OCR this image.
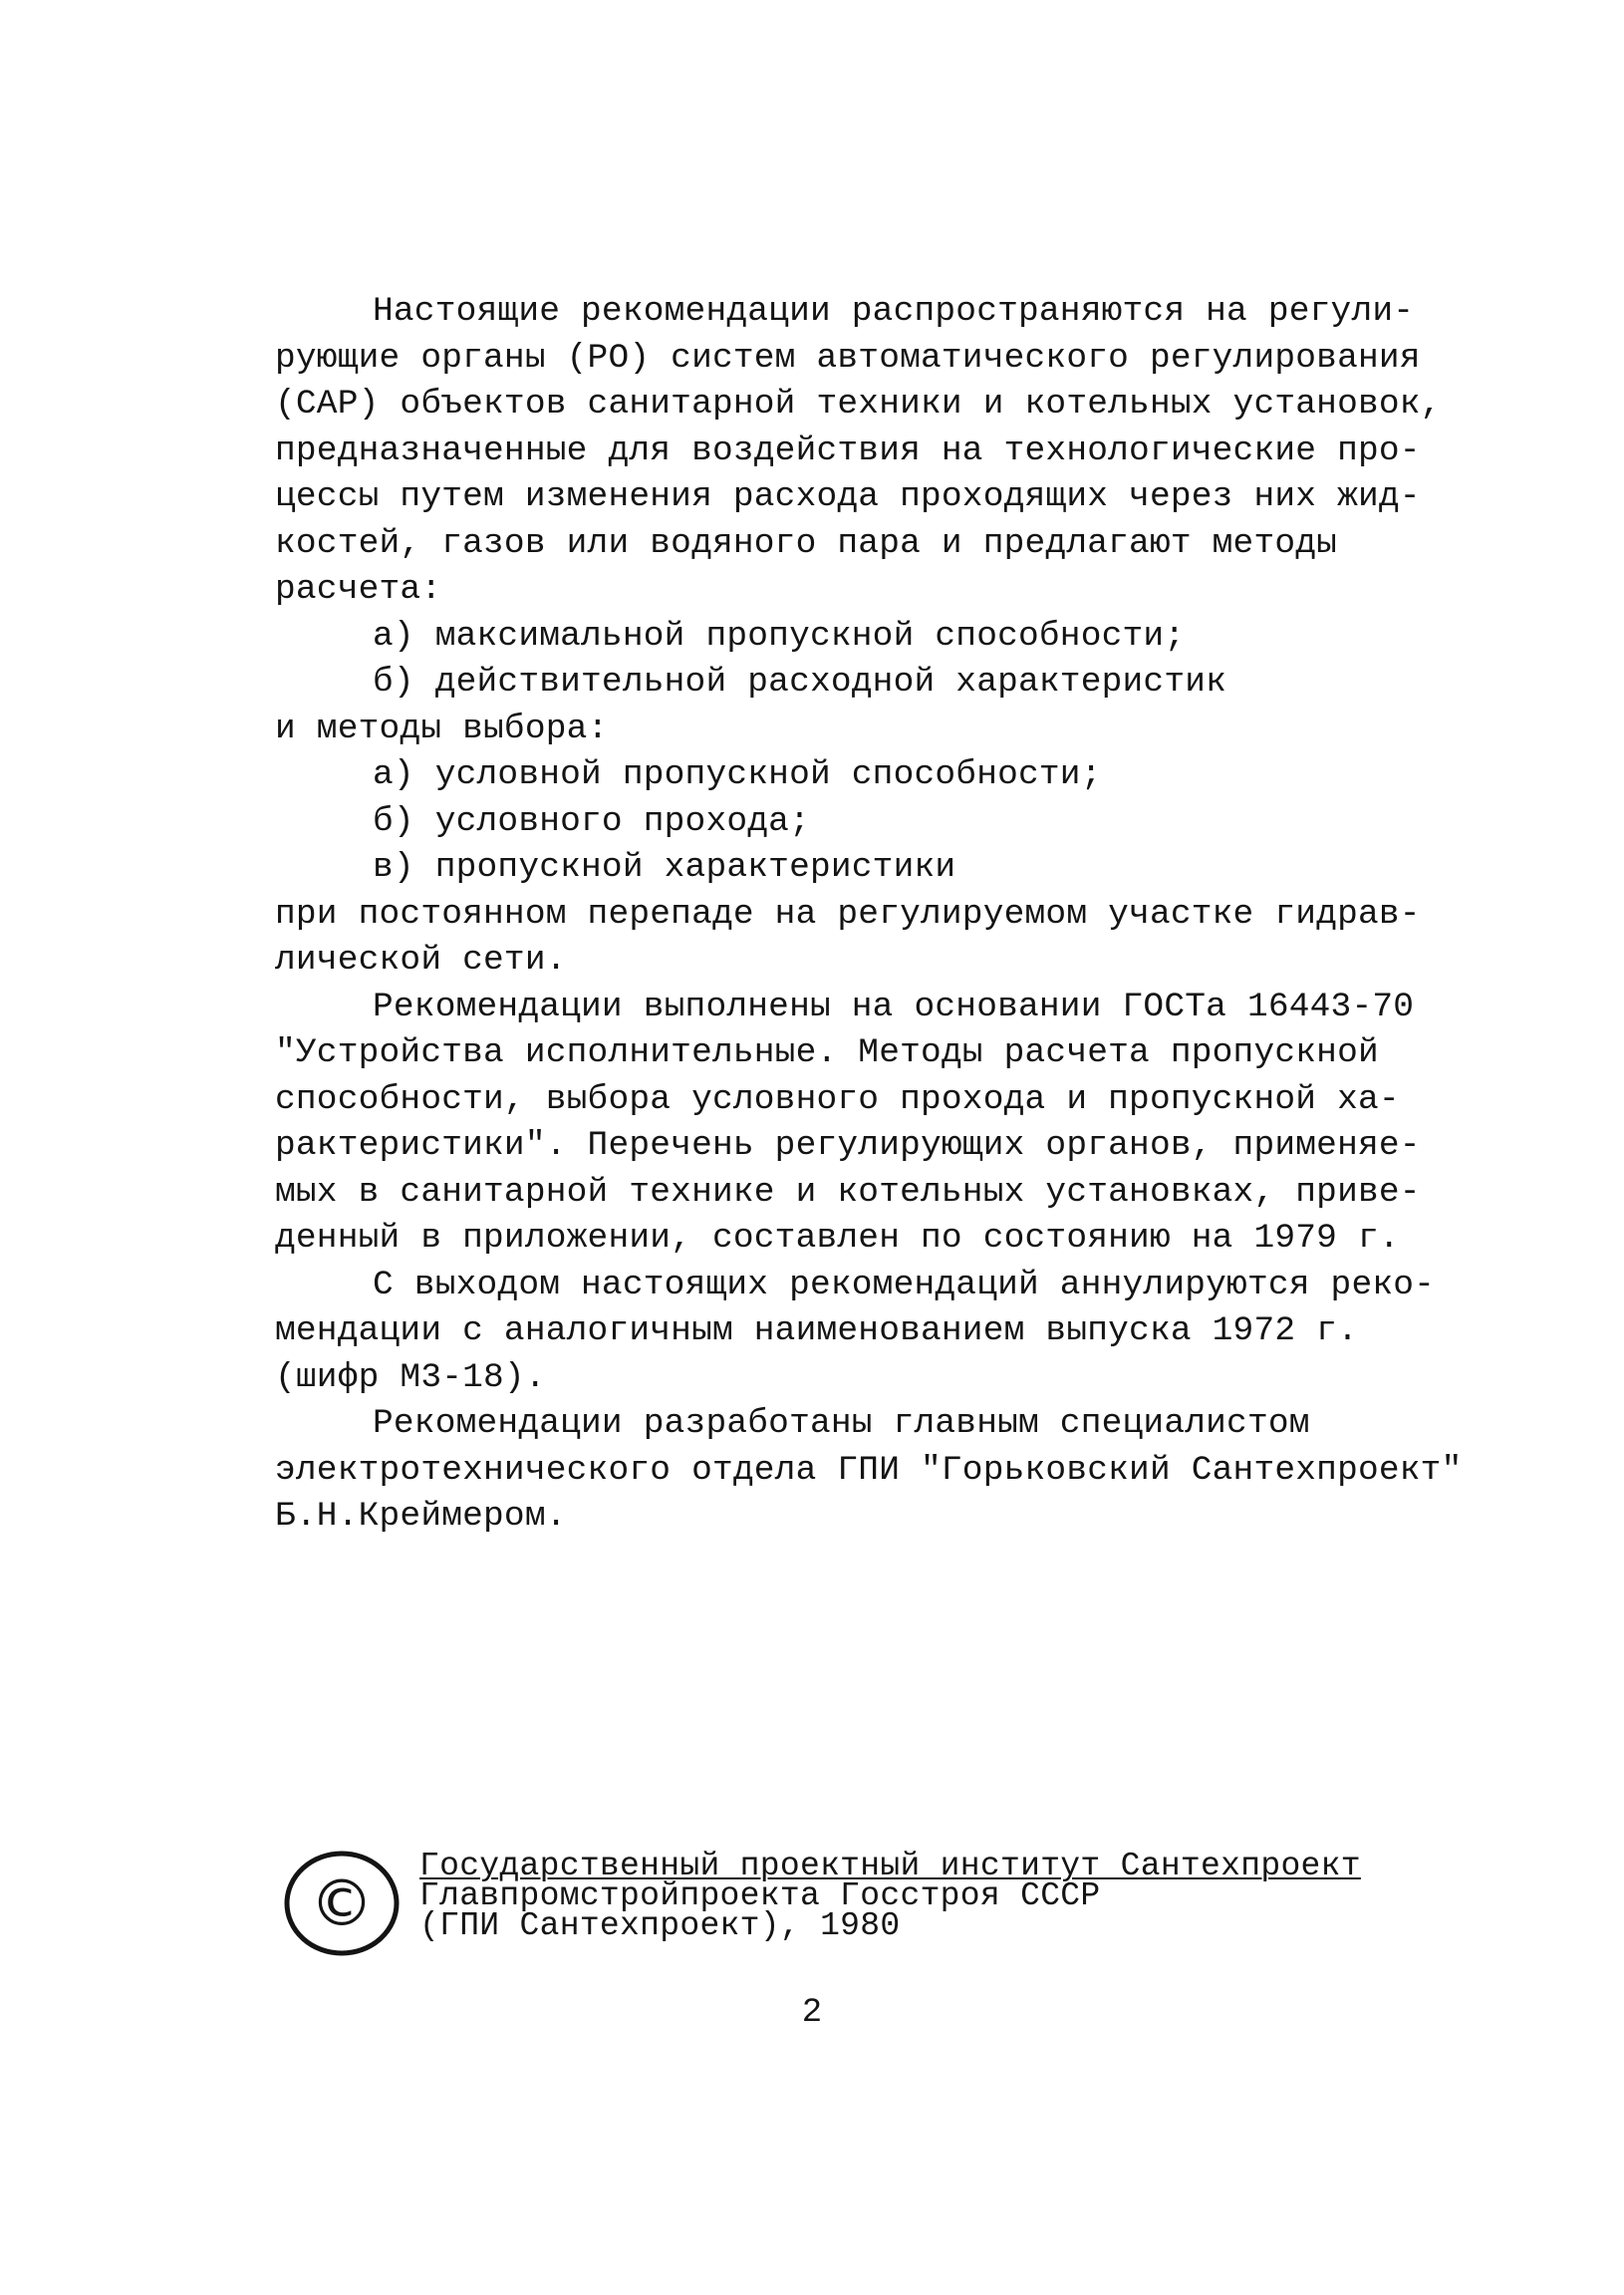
Настоящие рекомендации распространяются на регули-
рующие органы (РО) систем автоматического регулирования
(САР) объектов санитарной техники и котельных установок,
предназначенные для воздействия на технологические про-
цессы путем изменения расхода проходящих через них жид-
костей, газов или водяного пара и предлагают методы
расчета:
а) максимальной пропускной способности;
б) действительной расходной характеристик
и методы выбора:
а) условной пропускной способности;
б) условного прохода;
в) пропускной характеристики
при постоянном перепаде на регулируемом участке гидрав-
лической сети.
Рекомендации выполнены на основании ГОСТа 16443-70
"Устройства исполнительные. Методы расчета пропускной
способности, выбора условного прохода и пропускной ха-
рактеристики". Перечень регулирующих органов, применяе-
мых в санитарной технике и котельных установках, приве-
денный в приложении, составлен по состоянию на 1979 г.
С выходом настоящих рекомендаций аннулируются реко-
мендации с аналогичным наименованием выпуска 1972 г.
(шифр М3-18).
Рекомендации разработаны главным специалистом
электротехнического отдела ГПИ "Горьковский Сантехпроект"
Б.Н.Креймером.
©
Государственный проектный институт Сантехпроект
Главпромстройпроекта Госстроя СССР
(ГПИ Сантехпроект), 1980
2
